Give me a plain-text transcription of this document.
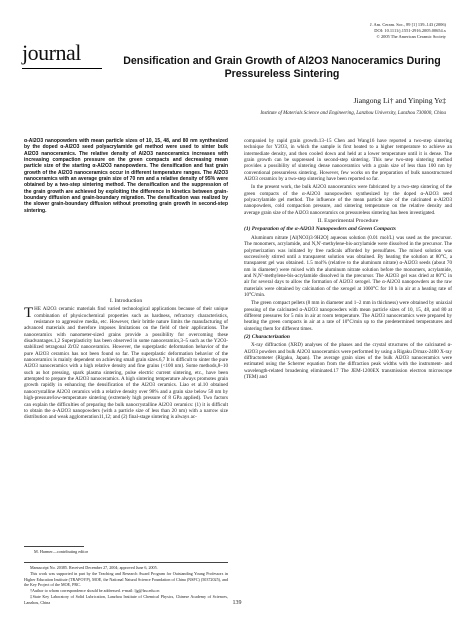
J. Am. Ceram. Soc., 89 [1] 139–143 (2006)
DOI: 10.1111/j.1551-2916.2005.00654.x
© 2005 The American Ceramic Society
journal	Densification and Grain Growth of Al2O3 Nanoceramics During
Pressureless Sintering
Jiangong Li† and Yinping Ye‡
Institute of Materials Science and Engineering, Lanzhou University, Lanzhou 730000, China
α-Al2O3 nanopowders with mean particle sizes of 10, 15, 48, and 80 nm synthesized by the doped α-Al2O3 seed polyacrylamide gel method were used to sinter bulk Al2O3 nanoceramics. The relative density of Al2O3 nanoceramics increases with increasing compaction pressure on the green compacts and decreasing mean particle size of the starting α-Al2O3 nanopowders. The densification and fast grain growth of the Al2O3 nanoceramics occur in different temperature ranges. The Al2O3 nanoceramics with an average grain size of 70 nm and a relative density of 95% were obtained by a two-step sintering method. The densification and the suppression of the grain growth are achieved by exploiting the difference in kinetics between grain-boundary diffusion and grain-boundary migration. The densification was realized by the slower grain-boundary diffusion without promoting grain growth in second-step sintering.

I. Introduction

THE Al2O3 ceramic materials find varied technological applications because of their unique combination of physicochemical properties such as hardness, refractory characteristics, resistance to aggressive media, etc. However, their brittle nature limits the manufacturing of advanced materials and therefore imposes limitations on the field of their applications. The nanoceramics with nanometer-sized grains provide a possibility for overcoming these disadvantages.1,2 Superplasticity has been observed in some nanoceramics,3–5 such as the Y2O3-stabilized tetragonal ZrO2 nanoceramics. However, the superplastic deformation behavior of the pure Al2O3 ceramics has not been found so far. The superplastic deformation behavior of the nanoceramics is mainly dependent on achieving small grain sizes.6,7 It is difficult to sinter the pure Al2O3 nanoceramics with a high relative density and fine grains (<100 nm). Some methods,8–10 such as hot pressing, spark plasma sintering, pulse electric current sintering, etc., have been attempted to prepare the Al2O3 nanoceramics. A high sintering temperature always promotes grain growth rapidly in enhancing the densification of the Al2O3 ceramics. Liao et al.10 obtained nanocrystalline Al2O3 ceramics with a relative density over 98% and a grain size below 50 nm by high-pressure/low-temperature sintering (extremely high pressure of 8 GPa applied). Two factors can explain the difficulties of preparing the bulk nanocrystalline Al2O3 ceramics: (1) it is difficult to obtain the α-Al2O3 nanopowders (with a particle size of less than 20 nm) with a narrow size distribution and weak agglomeration11,12; and (2) final-stage sintering is always ac-

M. Harmer—contributing editor

Manuscript No. 20385. Received December 27, 2004; approved June 6, 2005.

This work was supported in part by the Teaching and Research Award Program for Outstanding Young Professors in Higher Education Institute (TRAPOYP), MOE, the National Natural Science Foundation of China (NSFC) (50372025), and the Key Project of the MOE, PRC.

†Author to whom correspondence should be addressed. e-mail: ljg@lzu.edu.cn

‡State Key Laboratory of Solid Lubrication, Lanzhou Institute of Chemical Physics, Chinese Academy of Sciences, Lanzhou, China

companied by rapid grain growth.13–15 Chen and Wang16 have reported a two-step sintering technique for Y2O3, in which the sample is first heated to a higher temperature to achieve an intermediate density, and then cooled down and held at a lower temperature until it is dense. The grain growth can be suppressed in second-step sintering. This new two-step sintering method provides a possibility of sintering dense nanoceramics with a grain size of less than 100 nm by conventional pressureless sintering. However, few works on the preparation of bulk nanostructured Al2O3 ceramics by a two-step sintering have been reported so far.

In the present work, the bulk Al2O3 nanoceramics were fabricated by a two-step sintering of the green compacts of the α-Al2O3 nanopowders synthesized by the doped α-Al2O3 seed polyacrylamide gel method. The influence of the mean particle size of the calcinated α-Al2O3 nanopowders, cold compaction pressure, and sintering temperature on the relative density and average grain size of the Al2O3 nanoceramics on pressureless sintering has been investigated.

II. Experimental Procedure

(1) Preparation of the α-Al2O3 Nanopowders and Green Compacts

Aluminum nitrate [Al(NO3)3·9H2O] aqueous solution (0.01 mol/L) was used as the precursor. The monomers, acrylamide, and N,N′-methylene-bis-acrylamide were dissolved in the precursor. The polymerization was initiated by free radicals afforded by persulfates. The mixed solution was successively stirred until a transparent solution was obtained. By heating the solution at 80°C, a transparent gel was obtained. 1.5 mol% (relative to the aluminum nitrate) α-Al2O3 seeds (about 70 nm in diameter) were mixed with the aluminum nitrate solution before the monomers, acrylamide, and N,N′-methylene-bis-acrylamide dissolved in the precursor. The Al2O3 gel was dried at 80°C in air for several days to allow the formation of Al2O3 xerogel. The α-Al2O3 nanopowders as the raw materials were obtained by calcination of the xerogel at 1000°C for 10 h in air at a heating rate of 10°C/min.

The green compact pellets (8 mm in diameter and 1–2 mm in thickness) were obtained by uniaxial pressing of the calcinated α-Al2O3 nanopowders with mean particle sizes of 10, 15, 48, and 80 at different pressures for 5 min in air at room temperature. The Al2O3 nanoceramics were prepared by heating the green compacts in air at a rate of 10°C/min up to the predetermined temperatures and sintering them for different times.

(2) Characterization

X-ray diffraction (XRD) analyses of the phases and the crystal structures of the calcinated α-Al2O3 powders and bulk Al2O3 nanoceramics were performed by using a Rigaku D/max-2400 X-ray diffractometer (Rigaku, Japan). The average grain sizes of the bulk Al2O3 nanoceramics were estimated using the Scherrer equation from the diffraction peak widths with the instrument- and wavelength-related broadening eliminated.17 The JEM-1200EX transmission electron microscope (TEM) and

139
